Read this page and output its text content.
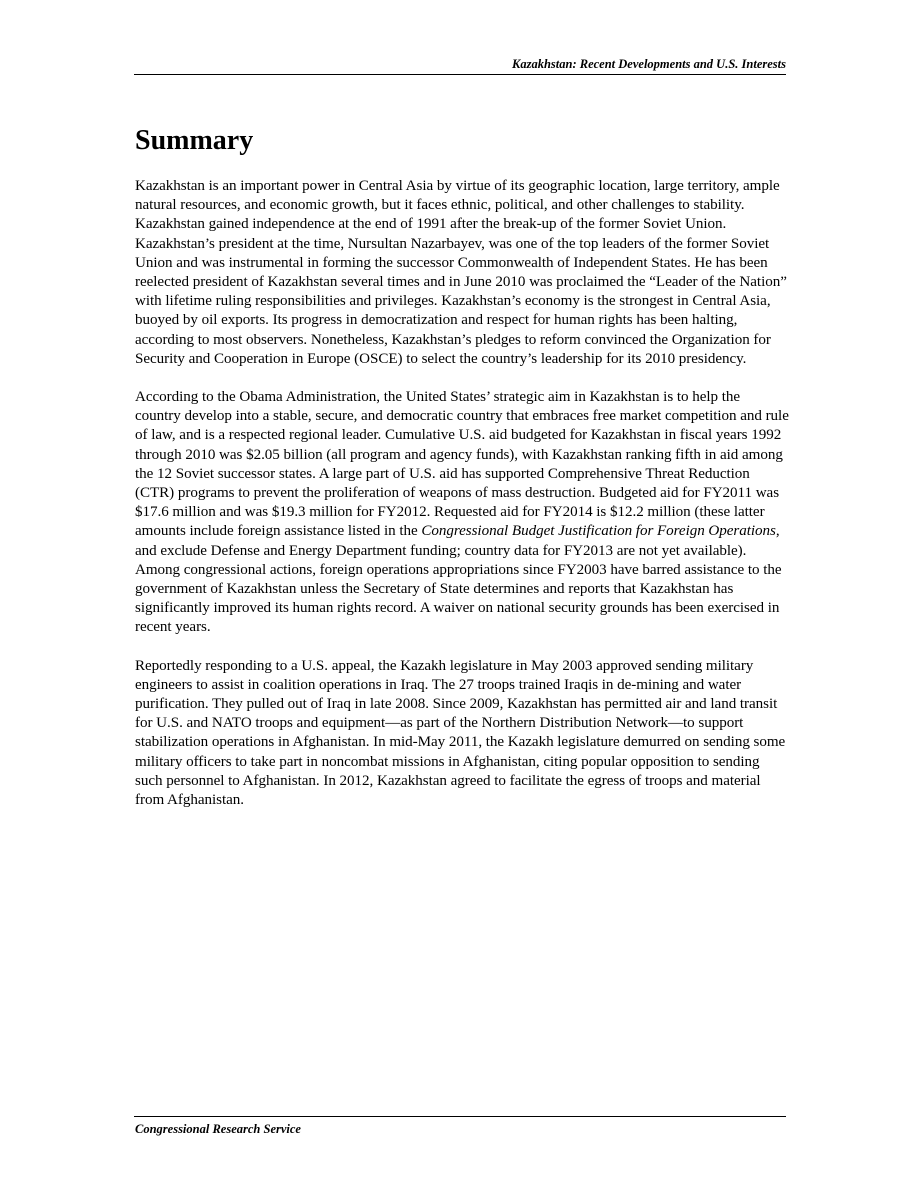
Kazakhstan: Recent Developments and U.S. Interests
Summary

Kazakhstan is an important power in Central Asia by virtue of its geographic location, large territory, ample natural resources, and economic growth, but it faces ethnic, political, and other challenges to stability. Kazakhstan gained independence at the end of 1991 after the break-up of the former Soviet Union. Kazakhstan’s president at the time, Nursultan Nazarbayev, was one of the top leaders of the former Soviet Union and was instrumental in forming the successor Commonwealth of Independent States. He has been reelected president of Kazakhstan several times and in June 2010 was proclaimed the “Leader of the Nation” with lifetime ruling responsibilities and privileges. Kazakhstan’s economy is the strongest in Central Asia, buoyed by oil exports. Its progress in democratization and respect for human rights has been halting, according to most observers. Nonetheless, Kazakhstan’s pledges to reform convinced the Organization for Security and Cooperation in Europe (OSCE) to select the country’s leadership for its 2010 presidency.

According to the Obama Administration, the United States’ strategic aim in Kazakhstan is to help the country develop into a stable, secure, and democratic country that embraces free market competition and rule of law, and is a respected regional leader. Cumulative U.S. aid budgeted for Kazakhstan in fiscal years 1992 through 2010 was $2.05 billion (all program and agency funds), with Kazakhstan ranking fifth in aid among the 12 Soviet successor states. A large part of U.S. aid has supported Comprehensive Threat Reduction (CTR) programs to prevent the proliferation of weapons of mass destruction. Budgeted aid for FY2011 was $17.6 million and was $19.3 million for FY2012. Requested aid for FY2014 is $12.2 million (these latter amounts include foreign assistance listed in the Congressional Budget Justification for Foreign Operations, and exclude Defense and Energy Department funding; country data for FY2013 are not yet available). Among congressional actions, foreign operations appropriations since FY2003 have barred assistance to the government of Kazakhstan unless the Secretary of State determines and reports that Kazakhstan has significantly improved its human rights record. A waiver on national security grounds has been exercised in recent years.

Reportedly responding to a U.S. appeal, the Kazakh legislature in May 2003 approved sending military engineers to assist in coalition operations in Iraq. The 27 troops trained Iraqis in de-mining and water purification. They pulled out of Iraq in late 2008. Since 2009, Kazakhstan has permitted air and land transit for U.S. and NATO troops and equipment—as part of the Northern Distribution Network—to support stabilization operations in Afghanistan. In mid-May 2011, the Kazakh legislature demurred on sending some military officers to take part in noncombat missions in Afghanistan, citing popular opposition to sending such personnel to Afghanistan. In 2012, Kazakhstan agreed to facilitate the egress of troops and material from Afghanistan.

Congressional Research Service
